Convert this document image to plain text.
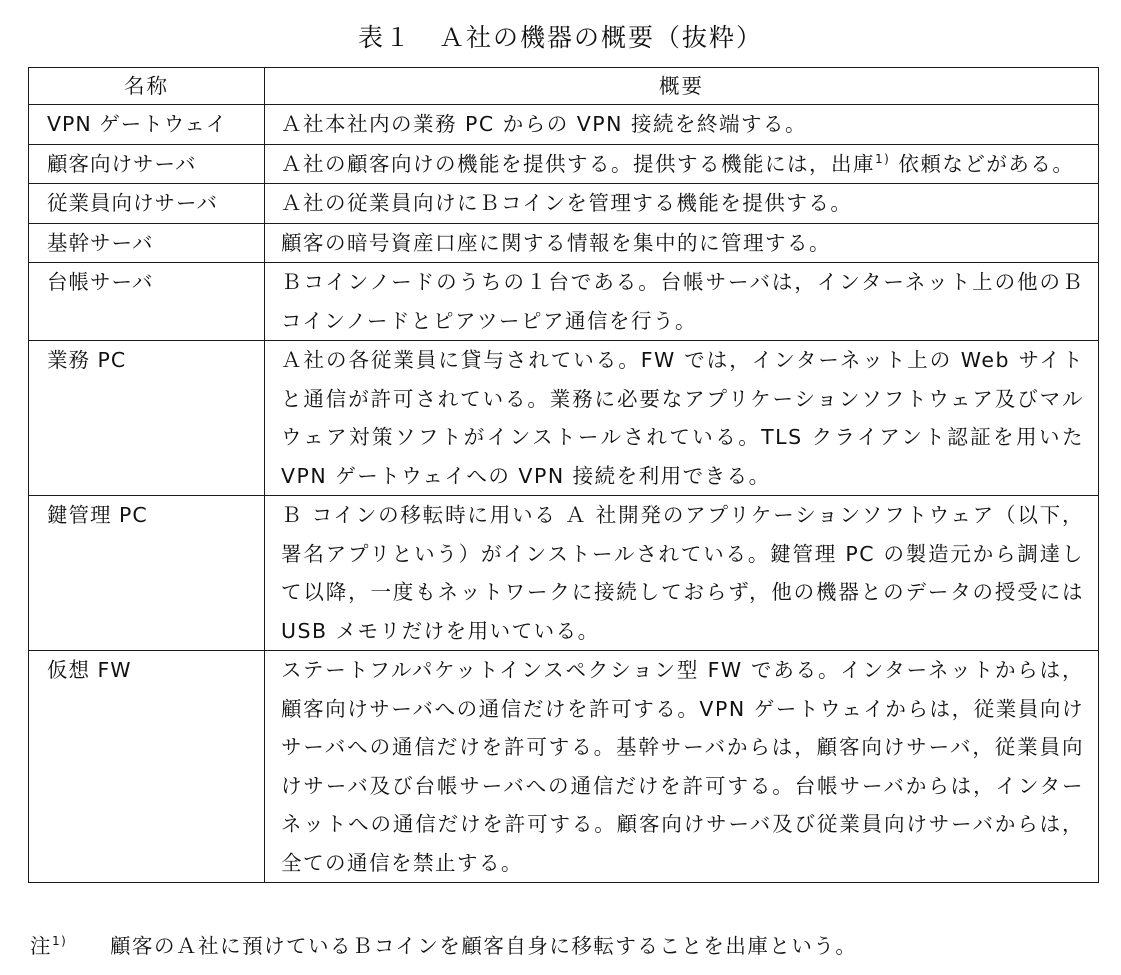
表１　Ａ社の機器の概要（抜粋）
名称	概要
VPN ゲートウェイ	Ａ社本社内の業務 PC からの VPN 接続を終端する。
顧客向けサーバ	Ａ社の顧客向けの機能を提供する。提供する機能には，出庫$^{1)}$ 依頼などがある。
従業員向けサーバ	Ａ社の従業員向けにＢコインを管理する機能を提供する。
基幹サーバ	顧客の暗号資産口座に関する情報を集中的に管理する。
台帳サーバ	Ｂコインノードのうちの１台である。台帳サーバは，インターネット上の他のＢコインノードとピアツーピア通信を行う。
業務 PC	Ａ社の各従業員に貸与されている。FW では，インターネット上の Web サイトと通信が許可されている。業務に必要なアプリケーションソフトウェア及びマルウェア対策ソフトがインストールされている。TLS クライアント認証を用いた VPN ゲートウェイへの VPN 接続を利用できる。
鍵管理 PC	Ｂ コインの移転時に用いる Ａ 社開発のアプリケーションソフトウェア（以下，署名アプリという）がインストールされている。鍵管理 PC の製造元から調達して以降，一度もネットワークに接続しておらず，他の機器とのデータの授受には USB メモリだけを用いている。
仮想 FW	ステートフルパケットインスペクション型 FW である。インターネットからは，顧客向けサーバへの通信だけを許可する。VPN ゲートウェイからは，従業員向けサーバへの通信だけを許可する。基幹サーバからは，顧客向けサーバ，従業員向けサーバ及び台帳サーバへの通信だけを許可する。台帳サーバからは，インターネットへの通信だけを許可する。顧客向けサーバ及び従業員向けサーバからは，全ての通信を禁止する。
注$^{1)}$ 顧客のＡ社に預けているＢコインを顧客自身に移転することを出庫という。
